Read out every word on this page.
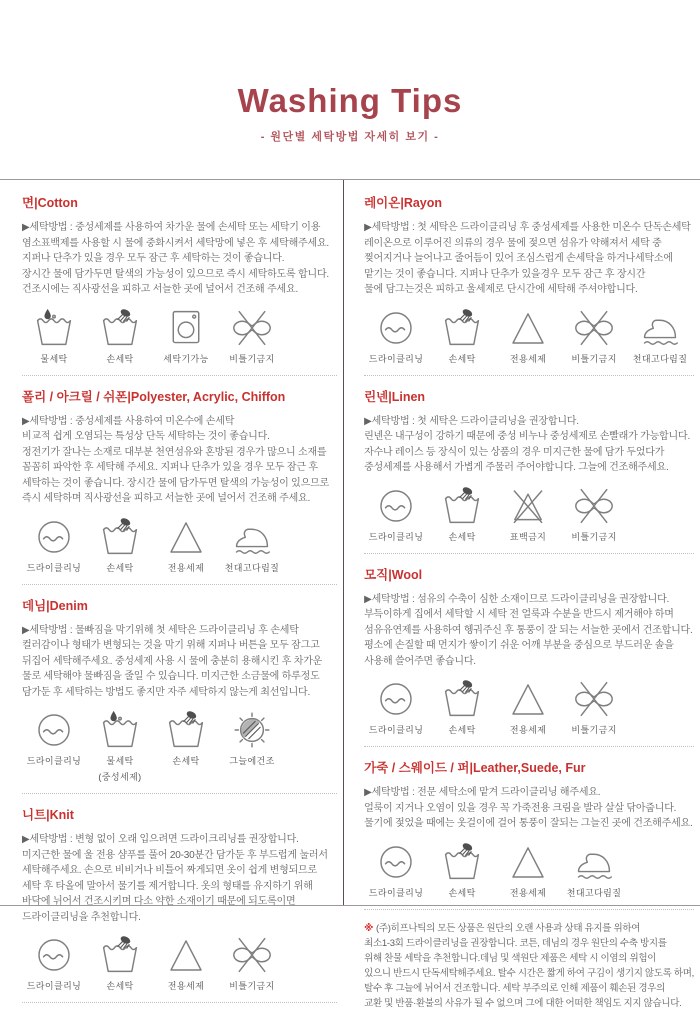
Washing Tips
- 원단별 세탁방법 자세히 보기 -
면|Cotton
▶세탁방법 : 중성세제를 사용하여 차가운 물에 손세탁 또는 세탁기 이용
염소표백제를 사용할 시 물에 중화시켜서 세탁망에 넣은 후 세탁해주세요.
지퍼나 단추가 있을 경우 모두 잠근 후 세탁하는 것이 좋습니다.
장시간 물에 담가두면 탈색의 가능성이 있으므로 즉시 세탁하도록 합니다.
건조시에는 직사광선을 피하고 서늘한 곳에 널어서 건조해 주세요.
물세탁	손세탁	세탁기가능	비틀기금지
폴리 / 아크릴 / 쉬폰|Polyester, Acrylic, Chiffon
▶세탁방법 : 중성세제를 사용하여 미온수에 손세탁
비교적 쉽게 오염되는 특성상 단독 세탁하는 것이 좋습니다.
정전기가 잘나는 소재로 대부분 천연섬유와 혼방된 경우가 많으니 소재를
꼼꼼히 파악한 후 세탁해 주세요. 지퍼나 단추가 있을 경우 모두 잠근 후
세탁하는 것이 좋습니다. 장시간 물에 담가두면 탈색의 가능성이 있으므로
즉시 세탁하며 직사광선을 피하고 서늘한 곳에 널어서 건조해 주세요.
드라이클리닝	손세탁	전용세제	천대고다림질
데님|Denim
▶세탁방법 : 물빠짐을 막기위해 첫 세탁은 드라이클리닝 후 손세탁
컬러감이나 형태가 변형되는 것을 막기 위해 지퍼나 버튼을 모두 잠그고
뒤집어 세탁해주세요. 중성세제 사용 시 물에 충분히 용해시킨 후 차가운
물로 세탁해야 물빠짐을 줄일 수 있습니다. 미지근한 소금물에 하루정도
담가둔 후 세탁하는 방법도 좋지만 자주 세탁하지 않는게 최선입니다.
드라이클리닝	물세탁
(중성세제)
손세탁	그늘에건조
니트|Knit
▶세탁방법 : 변형 없이 오래 입으려면 드라이크리닝를 권장합니다.
미지근한 물에 울 전용 샴푸를 풀어 20-30분간 담가둔 후 부드럽게 눌러서
세탁해주세요. 손으로 비비거나 비틀어 짜게되면 옷이 쉽게 변형되므로
세탁 후 타올에 말아서 물기를 제거합니다. 옷의 형태를 유지하기 위해
바닥에 뉘어서 건조시키며 다소 약한 소재이기 때문에 되도록이면
드라이클리닝을 추천합니다.
드라이클리닝	손세탁	전용세제	비틀기금지
레이온|Rayon
▶세탁방법 : 첫 세탁은 드라이클리닝 후 중성세제를 사용한 미온수 단독손세탁
레이온으로 이루어진 의류의 경우 물에 젖으면 섬유가 약해져서 세탁 중
찢어지거나 늘어나고 줄어듬이 있어 조심스럽게 손세탁을 하거나세탁소에
맡기는 것이 좋습니다. 지퍼나 단추가 있을경우 모두 잠근 후 장시간
물에 담그는것은 피하고 울세제로 단시간에 세탁해 주셔야합니다.
드라이클리닝	손세탁	전용세제	비틀기금지	천대고다림질
린넨|Linen
▶세탁방법 : 첫 세탁은 드라이클리닝을 권장합니다.
린넨은 내구성이 강하기 때문에 중성 비누나 중성세제로 손빨래가 가능합니다.
자수나 레이스 등 장식이 있는 상품의 경우 미지근한 물에 담가 두었다가
중성세제를 사용해서 가볍게 주물러 주어야합니다. 그늘에 건조해주세요.
드라이클리닝	손세탁	표백금지	비틀기금지
모직|Wool
▶세탁방법 : 섬유의 수축이 심한 소재이므로 드라이클리닝을 권장합니다.
부득이하게 집에서 세탁할 시 세탁 전 얼룩과 수분을 반드시 제거해야 하며
섬유유연제를 사용하여 헹궈주신 후 통풍이 잘 되는 서늘한 곳에서 건조합니다.
평소에 손질할 때 먼지가 쌓이기 쉬운 어깨 부분을 중심으로 부드러운 솔을
사용해 쓸어주면 좋습니다.
드라이클리닝	손세탁	전용세제	비틀기금지
가죽 / 스웨이드 / 퍼|Leather,Suede, Fur
▶세탁방법 : 전문 세탁소에 맡겨 드라이클리닝 해주세요.
얼룩이 지거나 오염이 있을 경우 꼭 가죽전용 크림을 발라 살살 닦아줍니다.
물기에 젖었을 때에는 옷걸이에 걸어 통풍이 잘되는 그늘진 곳에 건조해주세요.
드라이클리닝	손세탁	전용세제	천대고다림질
※ (주)히프나틱의 모든 상품은 원단의 오랜 사용과 상태 유지를 위하여
최소1-3회 드라이클리닝을 권장합니다. 코튼, 데님의 경우 원단의 수축 방지를
위해 찬물 세탁을 추천합니다.데님 및 색원단 제품은 세탁 시 이염의 위험이
있으니 반드시 단독세탁해주세요. 탈수 시간은 짧게 하여 구김이 생기지 않도록 하며,
탈수 후 그늘에 뉘어서 건조합니다. 세탁 부주의로 인해 제품이 훼손된 경우의
교환 및 반품·환불의 사유가 될 수 없으며 그에 대한 어떠한 책임도 지지 않습니다.
